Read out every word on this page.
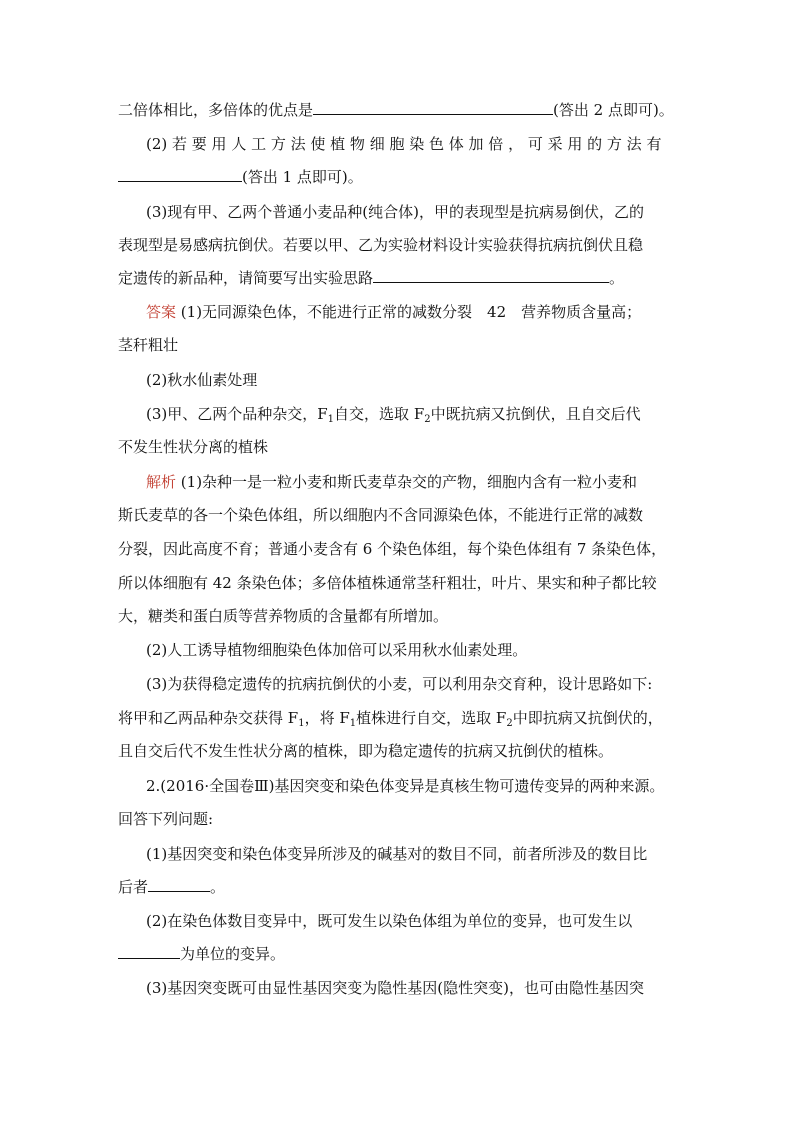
二倍体相比，多倍体的优点是	(答出 2 点即可)。
(2) 若 要 用 人 工 方 法 使 植 物 细 胞 染 色 体 加 倍 ， 可 采 用 的 方 法 有
(答出 1 点即可)。
(3)现有甲、乙两个普通小麦品种(纯合体)，甲的表现型是抗病易倒伏，乙的
表现型是易感病抗倒伏。若要以甲、乙为实验材料设计实验获得抗病抗倒伏且稳
定遗传的新品种，请简要写出实验思路	。
答案 (1)无同源染色体，不能进行正常的减数分裂　42　营养物质含量高；
茎秆粗壮
(2)秋水仙素处理
(3)甲、乙两个品种杂交，$F_1$自交，选取 $F_2$中既抗病又抗倒伏，且自交后代
不发生性状分离的植株
解析 (1)杂种一是一粒小麦和斯氏麦草杂交的产物，细胞内含有一粒小麦和
斯氏麦草的各一个染色体组，所以细胞内不含同源染色体，不能进行正常的减数
分裂，因此高度不育；普通小麦含有 6 个染色体组，每个染色体组有 7 条染色体，
所以体细胞有 42 条染色体；多倍体植株通常茎秆粗壮，叶片、果实和种子都比较
大，糖类和蛋白质等营养物质的含量都有所增加。
(2)人工诱导植物细胞染色体加倍可以采用秋水仙素处理。
(3)为获得稳定遗传的抗病抗倒伏的小麦，可以利用杂交育种，设计思路如下:
将甲和乙两品种杂交获得 $F_1$，将 $F_1$植株进行自交，选取 $F_2$中即抗病又抗倒伏的，
且自交后代不发生性状分离的植株，即为稳定遗传的抗病又抗倒伏的植株。
2.(2016·全国卷Ⅲ)基因突变和染色体变异是真核生物可遗传变异的两种来源。
回答下列问题:
(1)基因突变和染色体变异所涉及的碱基对的数目不同，前者所涉及的数目比
后者	。
(2)在染色体数目变异中，既可发生以染色体组为单位的变异，也可发生以
为单位的变异。
(3)基因突变既可由显性基因突变为隐性基因(隐性突变)，也可由隐性基因突
